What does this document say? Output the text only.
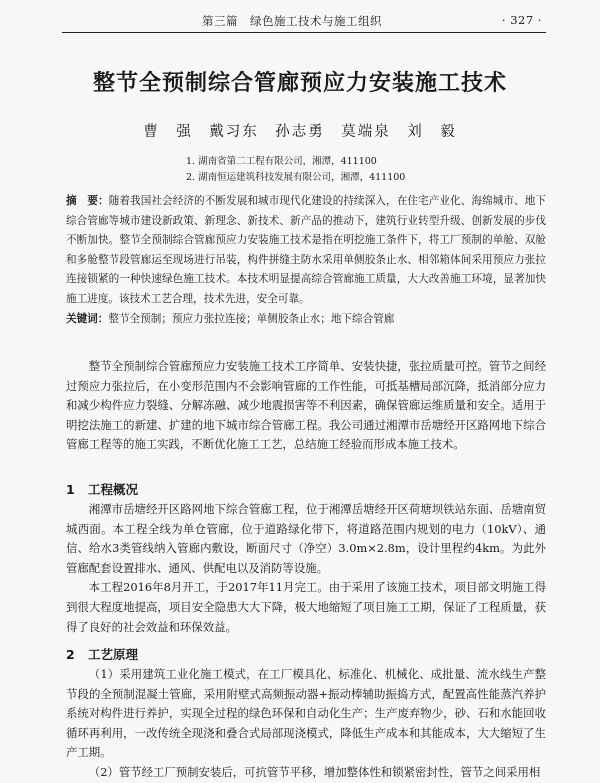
第三篇　绿色施工技术与施工组织	· 327 ·
整节全预制综合管廊预应力安装施工技术
曹　强　戴习东　孙志勇　莫端泉　刘　毅
1. 湖南省第二工程有限公司，湘潭，411100
2. 湖南恒运建筑科技发展有限公司，湘潭，411100
摘　要：随着我国社会经济的不断发展和城市现代化建设的持续深入，在住宅产业化、海绵城市、地下综合管廊等城市建设新政策、新理念、新技术、新产品的推动下，建筑行业转型升级、创新发展的步伐不断加快。整节全预制综合管廊预应力安装施工技术是指在明挖施工条件下，将工厂预制的单舱、双舱和多舱整节段管廊运至现场进行吊装，构件拼缝主防水采用单侧胶条止水、相邻箱体间采用预应力张拉连接锁紧的一种快速绿色施工技术。本技术明显提高综合管廊施工质量，大大改善施工环境，显著加快施工进度。该技术工艺合理，技术先进，安全可靠。
关键词：整节全预制；预应力张拉连接；单侧胶条止水；地下综合管廊
整节全预制综合管廊预应力安装施工技术工序简单、安装快捷，张拉质量可控。管节之间经过预应力张拉后，在小变形范围内不会影响管廊的工作性能，可抵基槽局部沉降，抵消部分应力和减少构件应力裂缝、分解冻融、减少地震损害等不利因素，确保管廊运维质量和安全。适用于明挖法施工的新建、扩建的地下城市综合管廊工程。我公司通过湘潭市岳塘经开区路网地下综合管廊工程等的施工实践，不断优化施工工艺，总结施工经验而形成本施工技术。
1 工程概况
湘潭市岳塘经开区路网地下综合管廊工程，位于湘潭岳塘经开区荷塘坝铁站东面、岳塘南贸城西面。本工程全线为单仓管廊，位于道路绿化带下，将道路范围内规划的电力（10kV）、通信、给水3类管线纳入管廊内敷设，断面尺寸（净空）3.0m×2.8m，设计里程约4km。为此外管廊配套设置排水、通风、供配电以及消防等设施。
本工程2016年8月开工，于2017年11月完工。由于采用了该施工技术，项目部文明施工得到很大程度地提高，项目安全隐患大大下降，极大地缩短了项目施工工期，保证了工程质量，获得了良好的社会效益和环保效益。
2 工艺原理
（1）采用建筑工业化施工模式，在工厂模具化、标准化、机械化、成批量、流水线生产整节段的全预制混凝土管廊，采用附壁式高频振动器+振动棒辅助振捣方式，配置高性能蒸汽养护系统对构件进行养护，实现全过程的绿色环保和自动化生产；生产废弃物少，砂、石和水能回收循环再利用，一改传统全现浇和叠合式局部现浇模式，降低生产成本和其能成本，大大缩短了生产工期。
（2）管节经工厂预制安装后，可抗管节平移，增加整体性和锁紧密封性，管节之间采用相
